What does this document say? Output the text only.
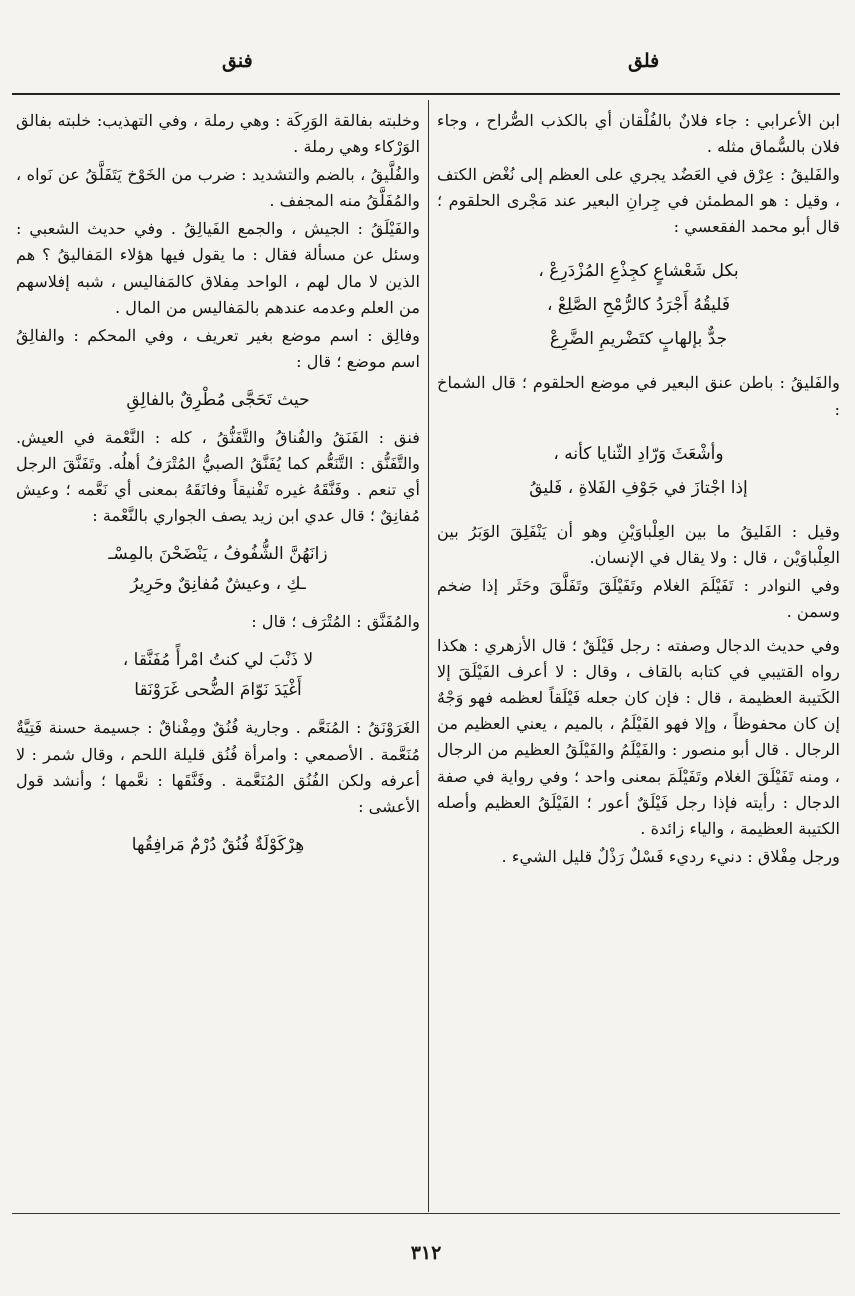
فلق
فنق

ابن الأعرابي : جاء فلانٌ بالفُلْقان أي بالكذب الصُّراح ، وجاء فلان بالسُّماق مثله .

والفَليقُ : عِرْق في العَضُد يجري على العظم إلى نُغْض الكتف ، وقيل : هو المطمئن في جِرانِ البعير عند مَجْرى الحلقوم ؛ قال أبو محمد الفقعسي :

بكل شَعْشاعٍ كجِذْعِ المُزْدَرِعْ ،
فَليقُهُ أَجْرَدُ كالرُّمْحِ الصَّلِعْ ،
جدٌّ بإلهابٍ كتَضْريمِ الضَّرِعْ

والفَليقُ : باطن عنق البعير في موضع الحلقوم ؛ قال الشماخ :

وأشْعَثَ وَرّادِ الثّنايا كأنه ،
إذا اجْتازَ في جَوْفِ الفَلاةِ ، فَليقُ

وقيل : الفَليقُ ما بين العِلْباوَيْنِ وهو أن يَنْفَلِقَ الوَبَرُ بين العِلْباوَيْن ، قال : ولا يقال في الإنسان.

وفي النوادر : تَفَيْلَمَ الغلام وتَفَيْلَقَ وتَفَلَّقَ وحَثَر إذا ضخم وسمن .

وفي حديث الدجال وصفته : رجل فَيْلَقٌ ؛ قال الأزهري : هكذا رواه القتيبي في كتابه بالقاف ، وقال : لا أعرف الفَيْلَقَ إلا الكَتيبة العظيمة ، قال : فإن كان جعله فَيْلَقاً لعظمه فهو وَجْهٌ إن كان محفوظاً ، وإلا فهو الفَيْلَمُ ، بالميم ، يعني العظيم من الرجال . قال أبو منصور : والفَيْلَمُ والفَيْلَقُ العظيم من الرجال ، ومنه تَفَيْلَقَ الغلام وتَفَيْلَمَ بمعنى واحد ؛ وفي رواية في صفة الدجال : رأيته فإذا رجل فَيْلَقٌ أعور ؛ الفَيْلَقُ العظيم وأصله الكتيبة العظيمة ، والياء زائدة .

ورجل مِفْلاق : دنيء رديء فَسْلٌ رَذْلٌ قليل الشيء .

وخلبته بفالقة الوَرِكَة : وهي رملة ، وفي التهذيب: خلبته بفالق الوَرْكاء وهي رملة .

والفُلَّيقُ ، بالضم والتشديد : ضرب من الخَوْخ يَتَفَلَّقُ عن نَواه ، والمُفَلَّقُ منه المجفف .

والفَيْلَقُ : الجيش ، والجمع الفَيالِقُ . وفي حديث الشعبي : وسئل عن مسألة فقال : ما يقول فيها هؤلاء المَفاليقُ ؟ هم الذين لا مال لهم ، الواحد مِفلاق كالمَفاليس ، شبه إفلاسهم من العلم وعدمه عندهم بالمَفاليس من المال .

وفالِق : اسم موضع بغير تعريف ، وفي المحكم : والفالِقُ اسم موضع ؛ قال :

حيث تَحَجَّى مُطْرِقٌ بالفالِقِ

فنق : الفَنَقُ والفُناقُ والتَّفَنُّقُ ، كله : النَّعْمة في العيش. والتَّفَنُّق : التَّنَعُّم كما يُفَنَّقُ الصبيُّ المُتْرَفُ أهلُه. وتَفَنَّقَ الرجل أي تنعم . وفَنَّقَهُ غيره تَفْنيقاً وفانَقَهُ بمعنى أي نَعَّمه ؛ وعيش مُفانِقٌ ؛ قال عدي ابن زيد يصف الجواري بالنَّعْمة :

زانَهُنَّ الشُّفُوفُ ، يَنْضَحْنَ بالمِسْـ
ـكِ ، وعيشٌ مُفانِقٌ وحَرِيرُ

والمُفَنَّق : المُتْرَف ؛ قال :

لا ذَنْبَ لي كنتُ امْرأً مُفَنَّقا ،
أَغْيَدَ نَوّامَ الضُّحى غَرَوْنَقا

الغَرَوْنَقُ : المُنَعَّم . وجارية فُنُقٌ ومِفْناقٌ : جسيمة حسنة فَتِيَّةٌ مُنَعَّمة . الأصمعي : وامرأة فُنُق قليلة اللحم ، وقال شمر : لا أعرفه ولكن الفُنُق المُنَعَّمة . وفَنَّقَها : نعَّمها ؛ وأنشد قول الأعشى :

هِرْكَوْلَةٌ فُنُقٌ دُرْمٌ مَرافِقُها
٣١٢
